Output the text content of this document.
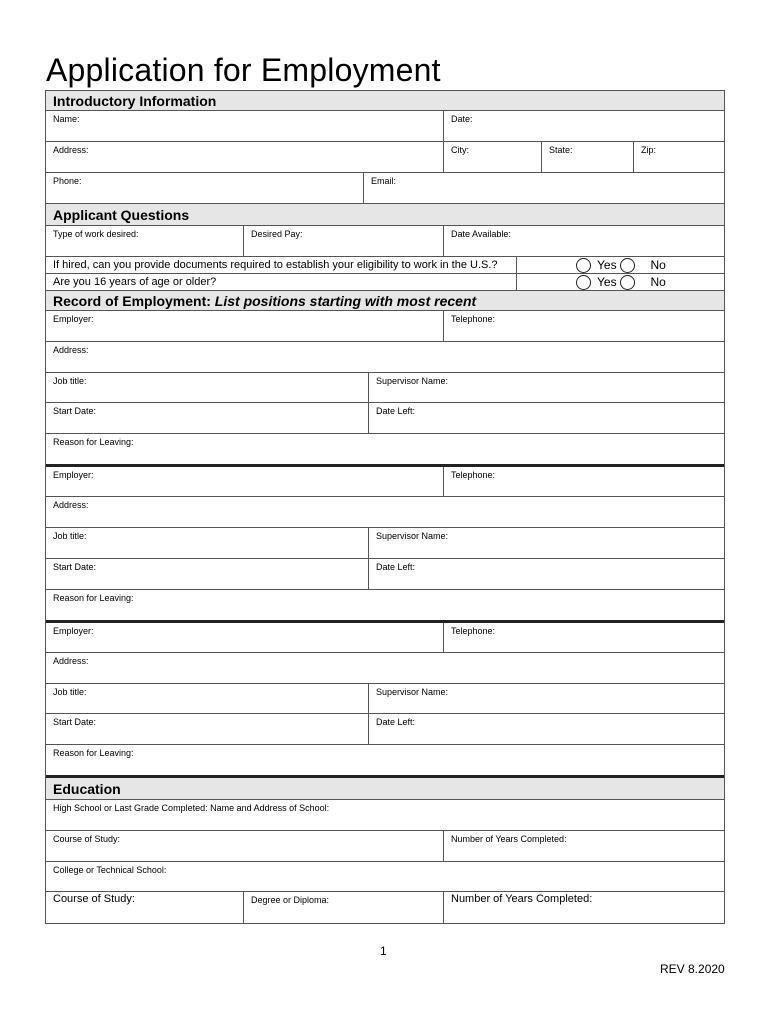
Application for Employment
Introductory Information
Name:	Date:
Address:	City:	State:	Zip:
Phone:	Email:
Applicant Questions
Type of work desired:	Desired Pay:	Date Available:
If hired, can you provide documents required to establish your eligibility to work in the U.S.?	Yes	No
Are you 16 years of age or older?	Yes	No
Record of Employment: List positions starting with most recent
Employer:	Telephone:
Address:
Job title:	Supervisor Name:
Start Date:	Date Left:
Reason for Leaving:
Employer:	Telephone:
Address:
Job title:	Supervisor Name:
Start Date:	Date Left:
Reason for Leaving:
Employer:	Telephone:
Address:
Job title:	Supervisor Name:
Start Date:	Date Left:
Reason for Leaving:
Education
High School or Last Grade Completed: Name and Address of School:
Course of Study:	Number of Years Completed:
College or Technical School:
Course of Study:	Degree or Diploma:	Number of Years Completed:
1
REV 8.2020
